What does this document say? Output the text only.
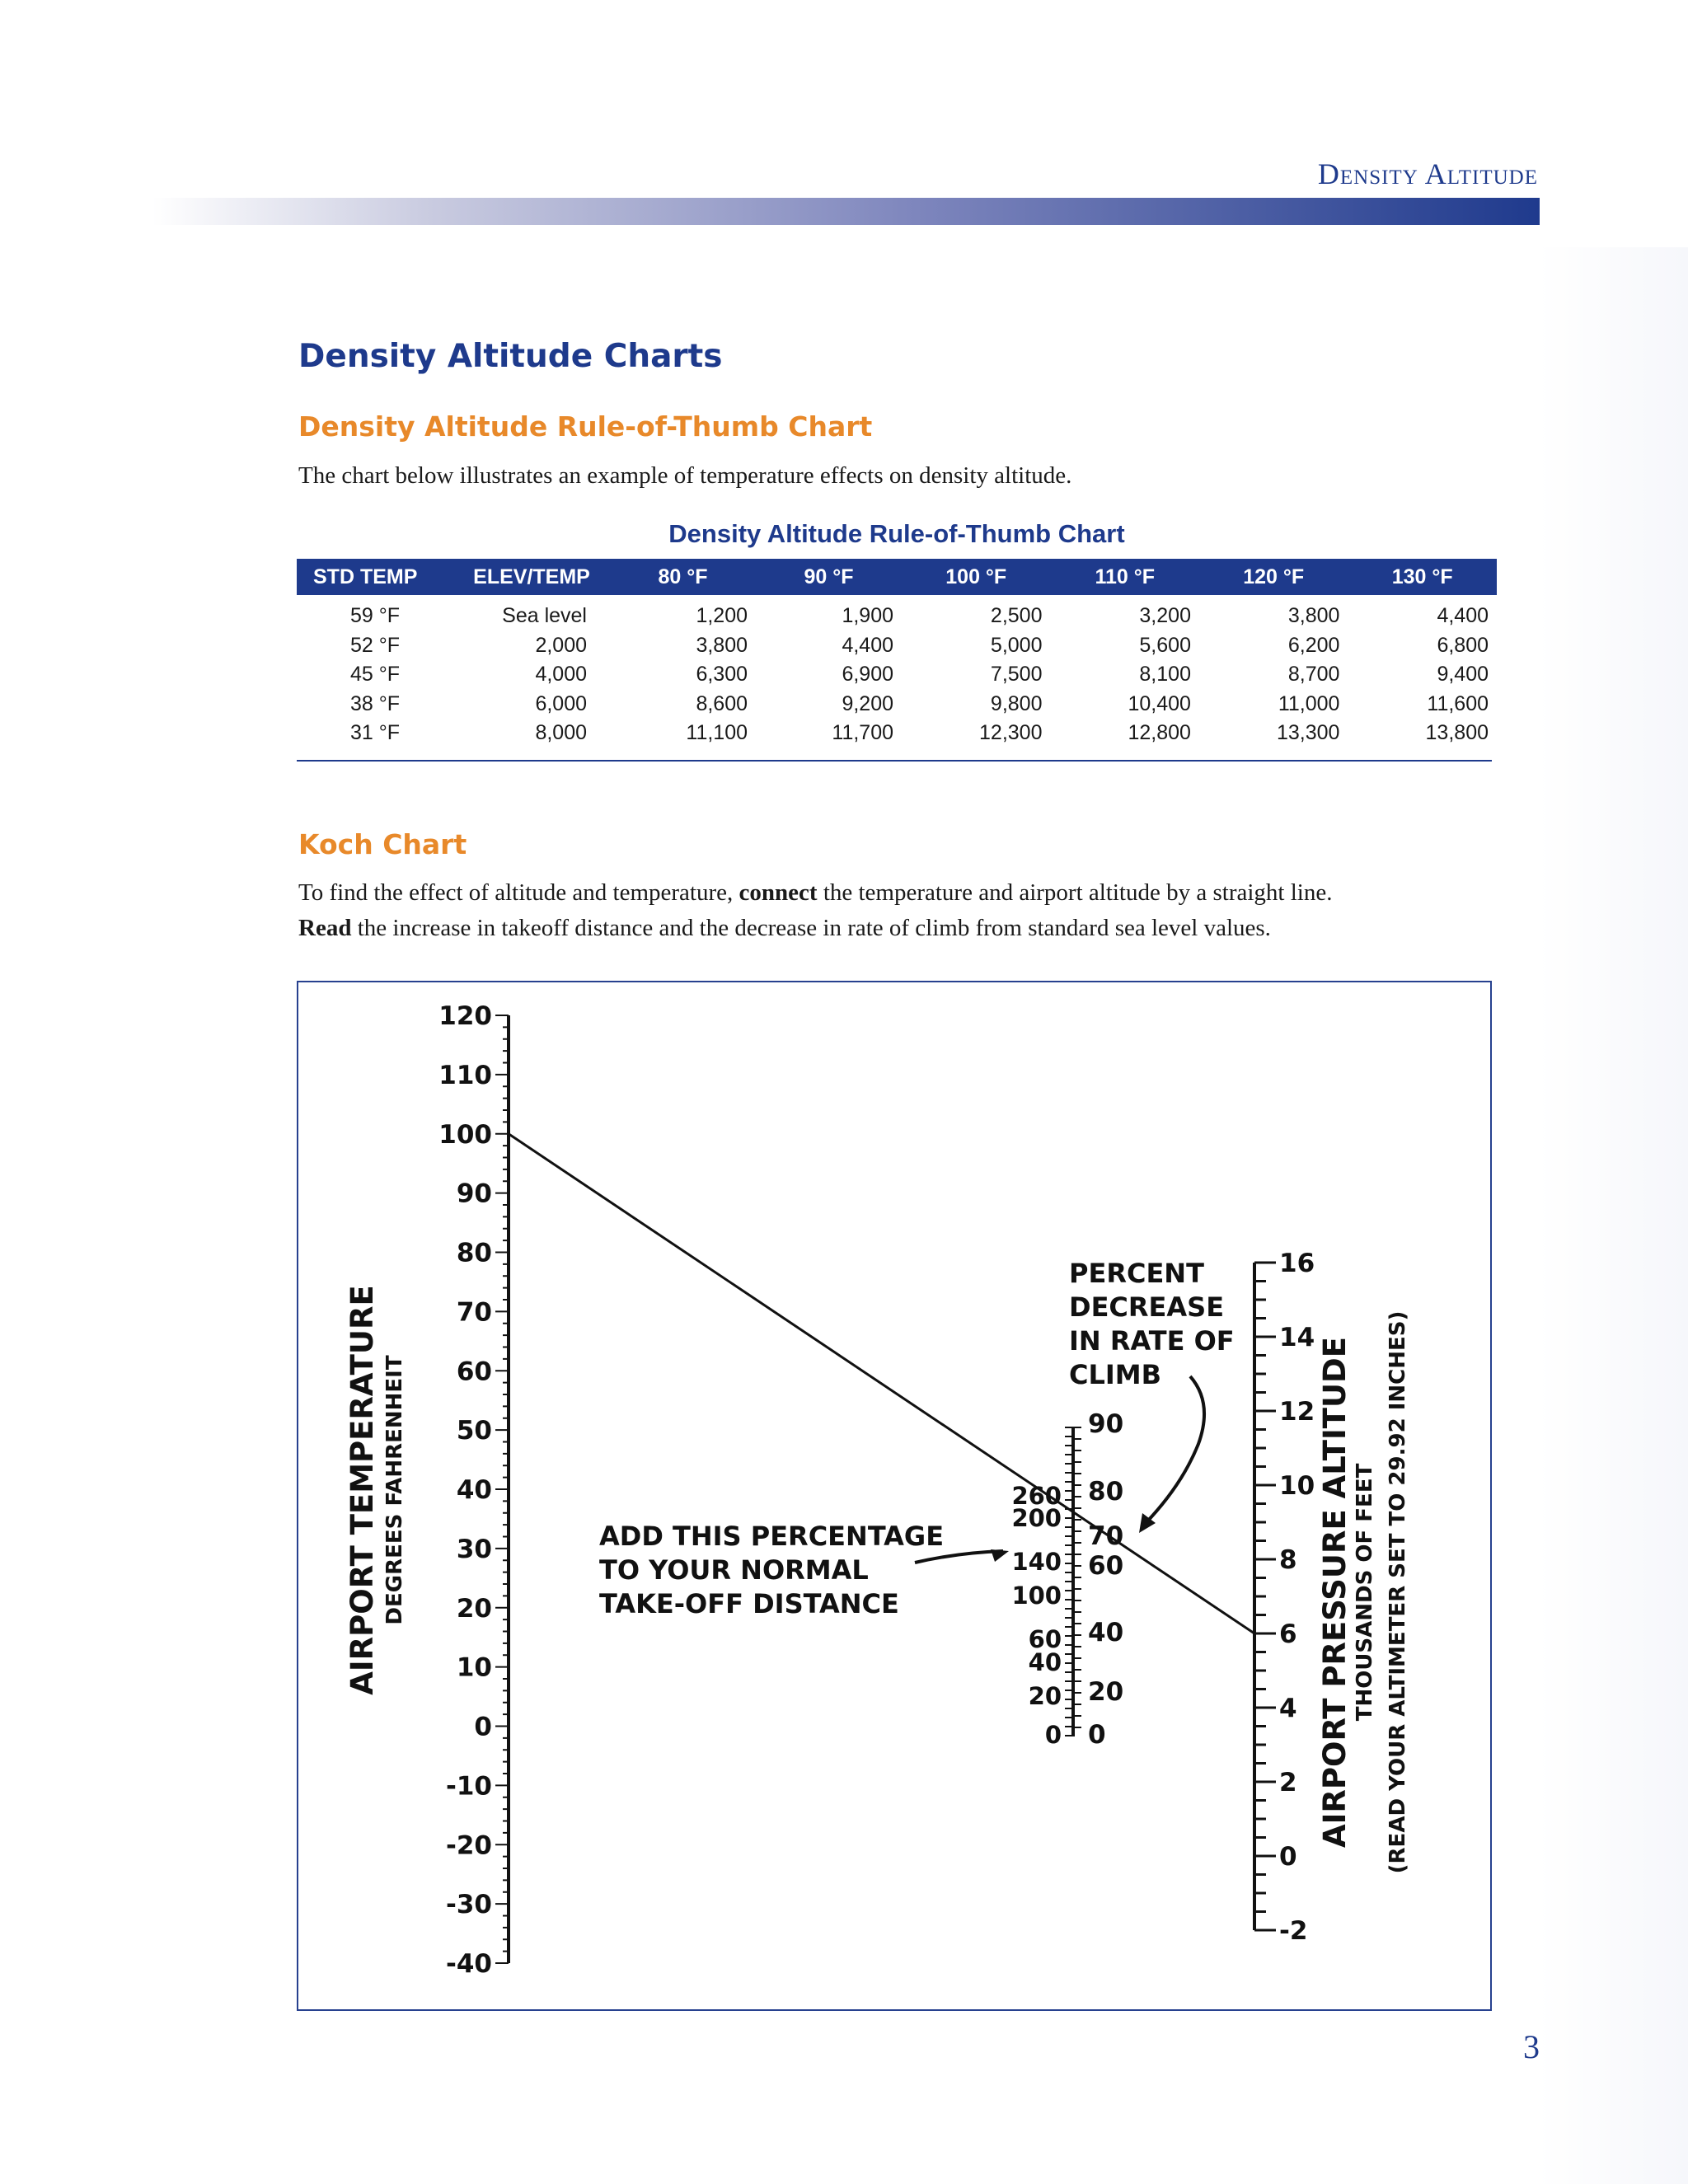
Density Altitude

Density Altitude Charts
Density Altitude Rule-of-Thumb Chart

The chart below illustrates an example of temperature effects on density altitude.

Density Altitude Rule-of-Thumb Chart

STD TEMP	ELEV/TEMP	80 °F	90 °F	100 °F	110 °F	120 °F	130 °F
59 °F	Sea level	1,200	1,900	2,500	3,200	3,800	4,400
52 °F	2,000	3,800	4,400	5,000	5,600	6,200	6,800
45 °F	4,000	6,300	6,900	7,500	8,100	8,700	9,400
38 °F	6,000	8,600	9,200	9,800	10,400	11,000	11,600
31 °F	8,000	11,100	11,700	12,300	12,800	13,300	13,800
Koch Chart

To find the effect of altitude and temperature, connect the temperature and airport altitude by a straight line.
Read the increase in takeoff distance and the decrease in rate of climb from standard sea level values.

120
110
100
90
80
70
60
50
40
30
20
10
0
-10
-20
-30
-40
260
200
140
100
60
40
20
0
90
80
70
60
40
20
0
16
14
12
10
8
6
4
2
0
-2
AIRPORT TEMPERATURE DEGREES FAHRENHEIT	AIRPORT PRESSURE ALTITUDE THOUSANDS OF FEET (READ YOUR ALTIMETER SET TO 29.92 INCHES)
ADD THIS PERCENTAGE
TO YOUR NORMAL
TAKE-OFF DISTANCE
PERCENT
DECREASE
IN RATE OF
CLIMB

3
